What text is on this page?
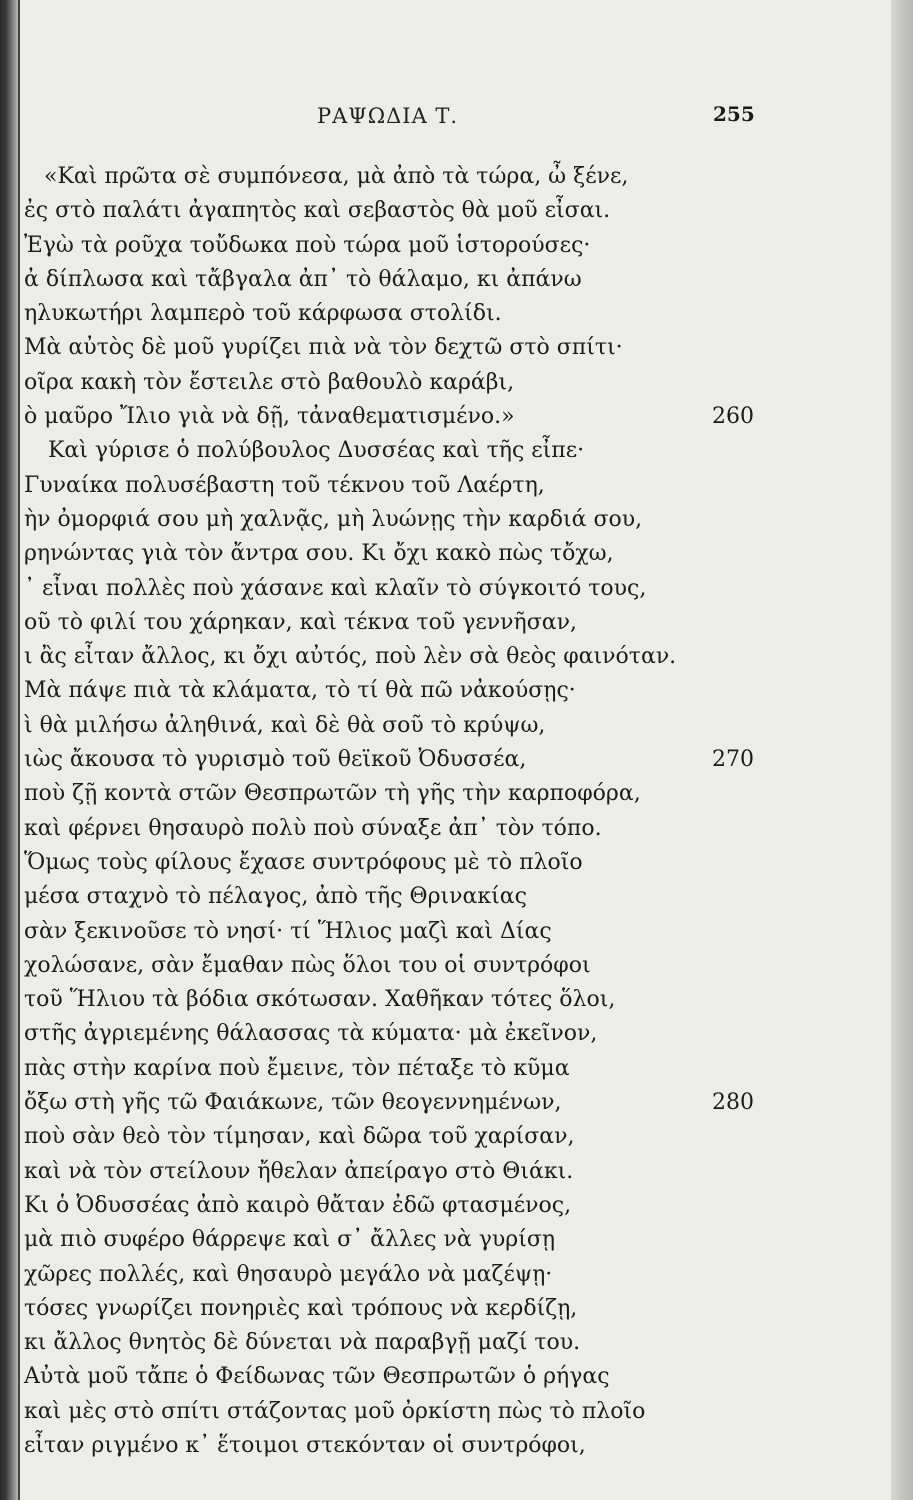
ΡΑΨΩΔΙΑ Τ.	255
«Καὶ πρῶτα σὲ συμπόνεσα, μὰ ἀπὸ τὰ τώρα, ὦ ξένε,
ἐς στὸ παλάτι ἀγαπητὸς καὶ σεβαστὸς θὰ μοῦ εἶσαι.
Ἐγὼ τὰ ροῦχα τοὔδωκα ποὺ τώρα μοῦ ἱστορούσες·
ἀ δίπλωσα καὶ τἄβγαλα ἀπ᾿ τὸ θάλαμο, κι ἀπάνω
ηλυκωτήρι λαμπερὸ τοῦ κάρφωσα στολίδι.
Μὰ αὐτὸς δὲ μοῦ γυρίζει πιὰ νὰ τὸν δεχτῶ στὸ σπίτι·
οῖρα κακὴ τὸν ἔστειλε στὸ βαθουλὸ καράβι,
ὸ μαῦρο Ἴλιο γιὰ νὰ δῇ, τἀναθεματισμένο.»	260
Καὶ γύρισε ὁ πολύβουλος Δυσσέας καὶ τῆς εἶπε·
Γυναίκα πολυσέβαστη τοῦ τέκνου τοῦ Λαέρτη,
ὴν ὀμορφιά σου μὴ χαλνᾷς, μὴ λυώνῃς τὴν καρδιά σου,
ρηνώντας γιὰ τὸν ἄντρα σου. Κι ὄχι κακὸ πὼς τὄχω,
᾿ εἶναι πολλὲς ποὺ χάσανε καὶ κλαῖν τὸ σύγκοιτό τους,
οῦ τὸ φιλί του χάρηκαν, καὶ τέκνα τοῦ γεννῆσαν,
ι ἂς εἶταν ἄλλος, κι ὄχι αὐτός, ποὺ λὲν σὰ θεὸς φαινόταν.
Μὰ πάψε πιὰ τὰ κλάματα, τὸ τί θὰ πῶ νἀκούσῃς·
ὶ θὰ μιλήσω ἀληθινά, καὶ δὲ θὰ σοῦ τὸ κρύψω,
ιὼς ἄκουσα τὸ γυρισμὸ τοῦ θεϊκοῦ Ὀδυσσέα,	270
ποὺ ζῇ κοντὰ στῶν Θεσπρωτῶν τὴ γῆς τὴν καρποφόρα,
καὶ φέρνει θησαυρὸ πολὺ ποὺ σύναξε ἀπ᾿ τὸν τόπο.
Ὅμως τοὺς φίλους ἔχασε συντρόφους μὲ τὸ πλοῖο
μέσα σταχνὸ τὸ πέλαγος, ἀπὸ τῆς Θρινακίας
σὰν ξεκινοῦσε τὸ νησί· τί Ἥλιος μαζὶ καὶ Δίας
χολώσανε, σὰν ἔμαθαν πὼς ὅλοι του οἱ συντρόφοι
τοῦ Ἥλιου τὰ βόδια σκότωσαν. Χαθῆκαν τότες ὅλοι,
στῆς ἀγριεμένης θάλασσας τὰ κύματα· μὰ ἐκεῖνον,
πὰς στὴν καρίνα ποὺ ἔμεινε, τὸν πέταξε τὸ κῦμα
ὄξω στὴ γῆς τῶ Φαιάκωνε, τῶν θεογεννημένων,	280
ποὺ σὰν θεὸ τὸν τίμησαν, καὶ δῶρα τοῦ χαρίσαν,
καὶ νὰ τὸν στείλουν ἤθελαν ἀπείραγο στὸ Θιάκι.
Κι ὁ Ὀδυσσέας ἀπὸ καιρὸ θἄταν ἐδῶ φτασμένος,
μὰ πιὸ συφέρο θάρρεψε καὶ σ᾿ ἄλλες νὰ γυρίσῃ
χῶρες πολλές, καὶ θησαυρὸ μεγάλο νὰ μαζέψῃ·
τόσες γνωρίζει πονηριὲς καὶ τρόπους νὰ κερδίζῃ,
κι ἄλλος θνητὸς δὲ δύνεται νὰ παραβγῇ μαζί του.
Αὐτὰ μοῦ τἄπε ὁ Φείδωνας τῶν Θεσπρωτῶν ὁ ρήγας
καὶ μὲς στὸ σπίτι στάζοντας μοῦ ὀρκίστη πὼς τὸ πλοῖο
εἶταν ριγμένο κ᾿ ἕτοιμοι στεκόνταν οἱ συντρόφοι,
